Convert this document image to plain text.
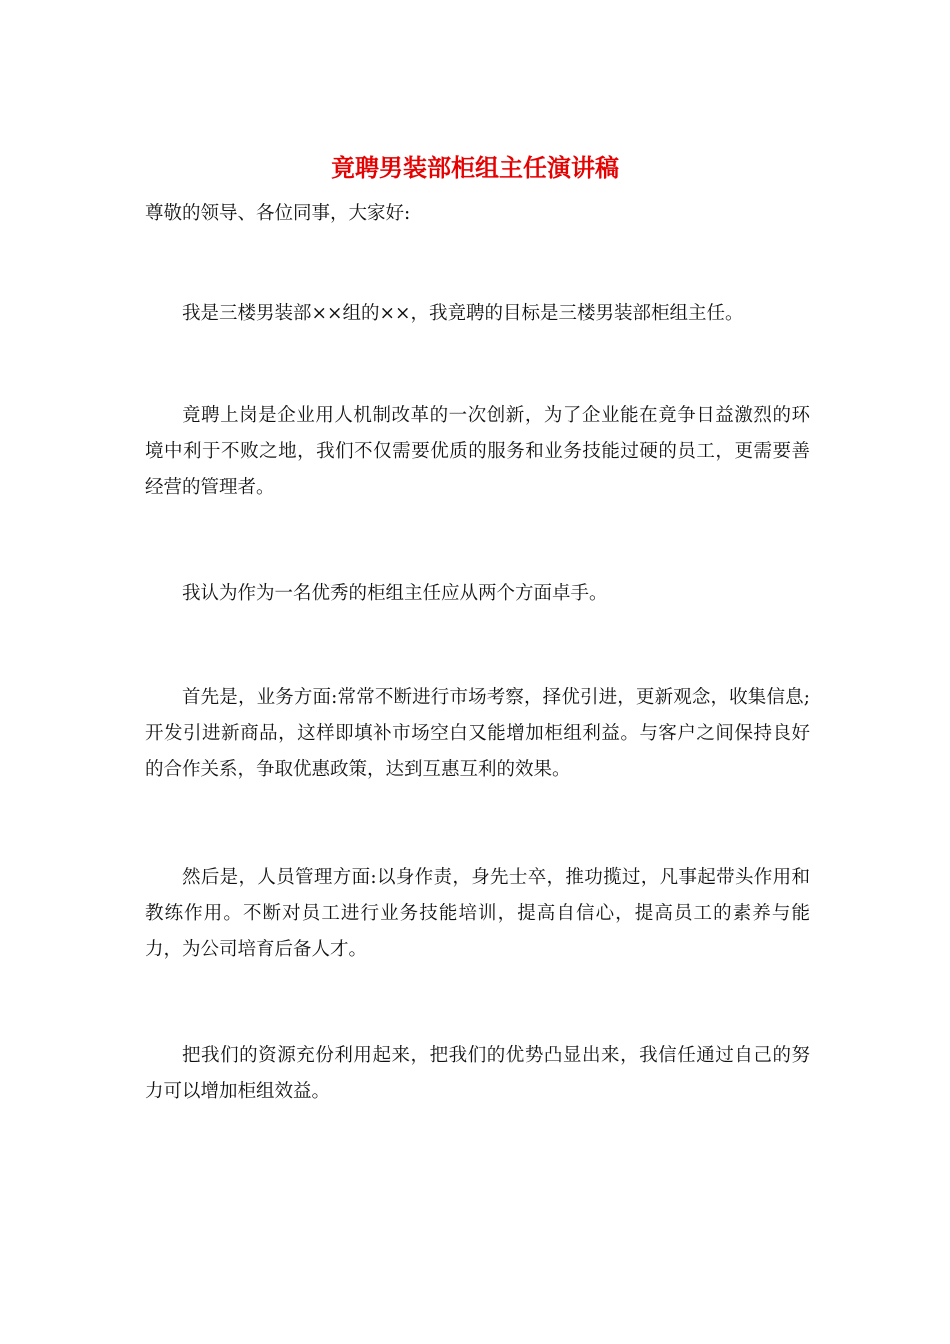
竟聘男装部柜组主任演讲稿

尊敬的领导、各位同事，大家好:

我是三楼男装部××组的××，我竟聘的目标是三楼男装部柜组主任。

竟聘上岗是企业用人机制改革的一次创新，为了企业能在竟争日益激烈的环境中利于不败之地，我们不仅需要优质的服务和业务技能过硬的员工，更需要善经营的管理者。

我认为作为一名优秀的柜组主任应从两个方面卓手。

首先是，业务方面:常常不断进行市场考察，择优引进，更新观念，收集信息;开发引进新商品，这样即填补市场空白又能增加柜组利益。与客户之间保持良好的合作关系，争取优惠政策，达到互惠互利的效果。

然后是，人员管理方面:以身作责，身先士卒，推功揽过，凡事起带头作用和教练作用。不断对员工进行业务技能培训，提高自信心，提高员工的素养与能力，为公司培育后备人才。

把我们的资源充份利用起来，把我们的优势凸显出来，我信任通过自己的努力可以增加柜组效益。
